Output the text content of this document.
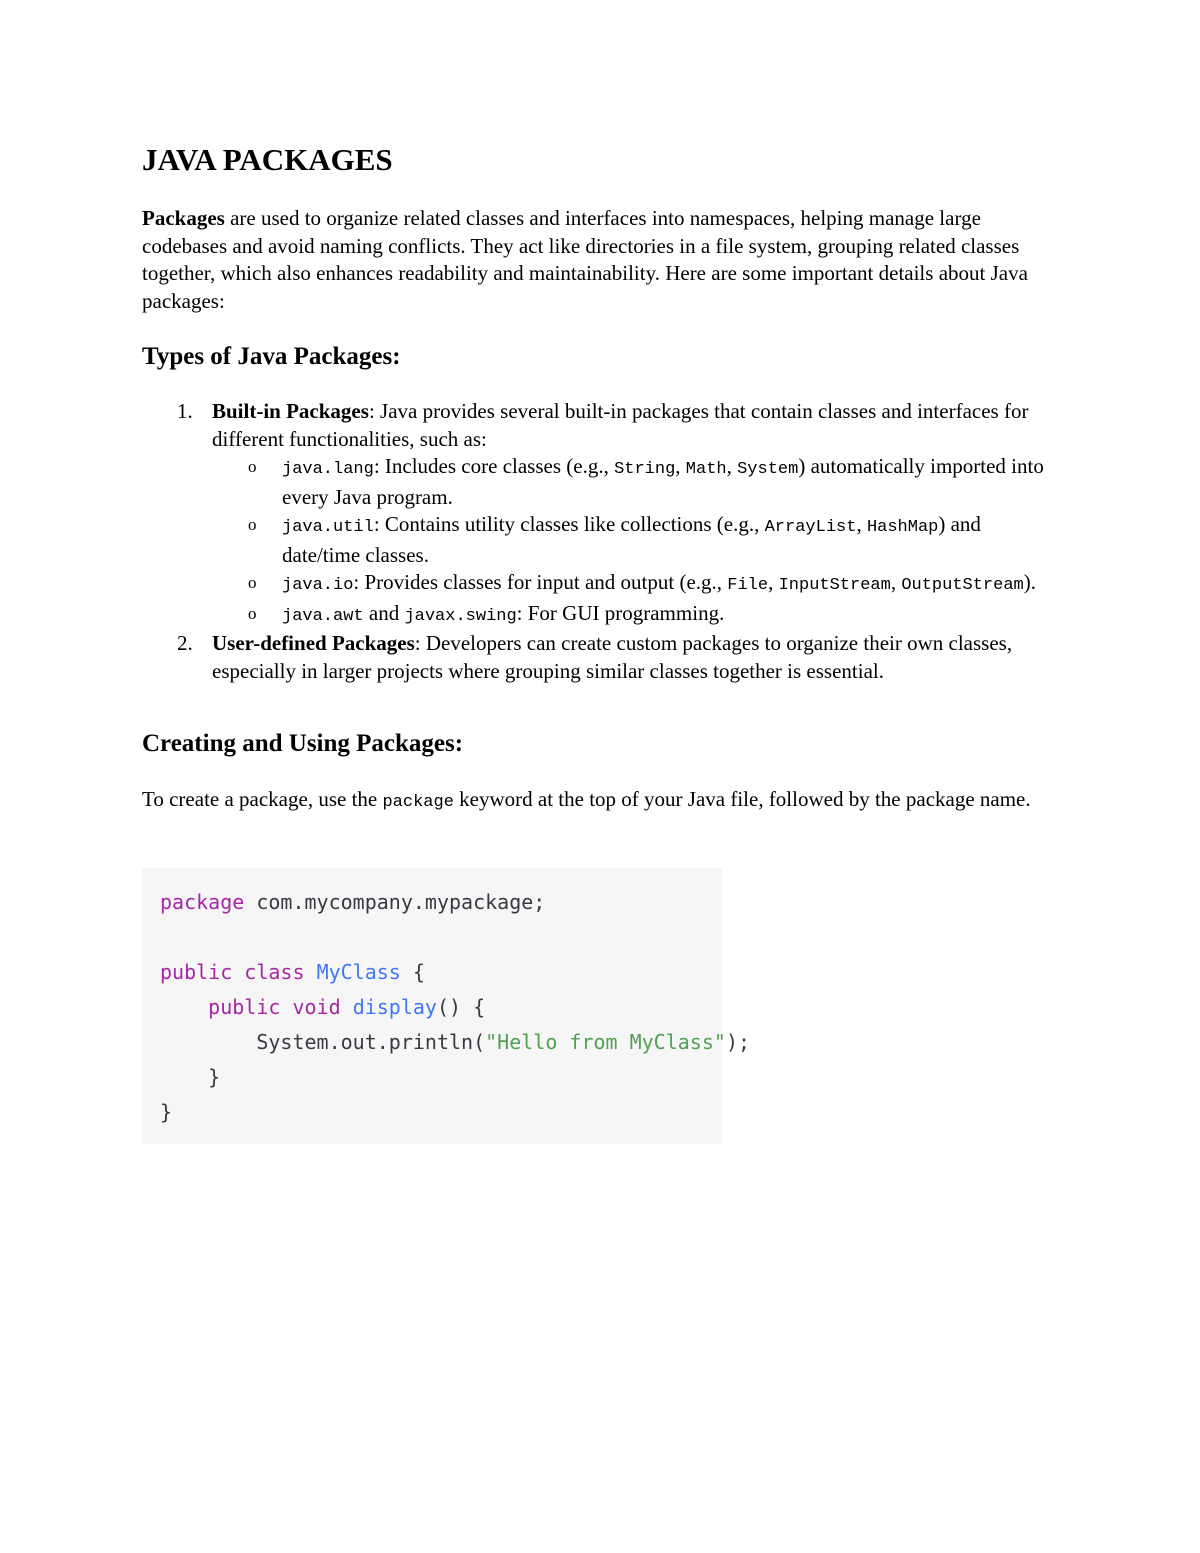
JAVA PACKAGES

Packages are used to organize related classes and interfaces into namespaces, helping manage large codebases and avoid naming conflicts. They act like directories in a file system, grouping related classes together, which also enhances readability and maintainability. Here are some important details about Java packages:

Types of Java Packages:
1. Built-in Packages: Java provides several built-in packages that contain classes and interfaces for different functionalities, such as:
o java.lang: Includes core classes (e.g., String, Math, System) automatically imported into every Java program.
o java.util: Contains utility classes like collections (e.g., ArrayList, HashMap) and date/time classes.
o java.io: Provides classes for input and output (e.g., File, InputStream, OutputStream).
o java.awt and javax.swing: For GUI programming.
2. User-defined Packages: Developers can create custom packages to organize their own classes, especially in larger projects where grouping similar classes together is essential.
Creating and Using Packages:

To create a package, use the package keyword at the top of your Java file, followed by the package name.

package com.mycompany.mypackage;
public class MyClass {
public void display() {
System.out.println("Hello from MyClass");
}
}
